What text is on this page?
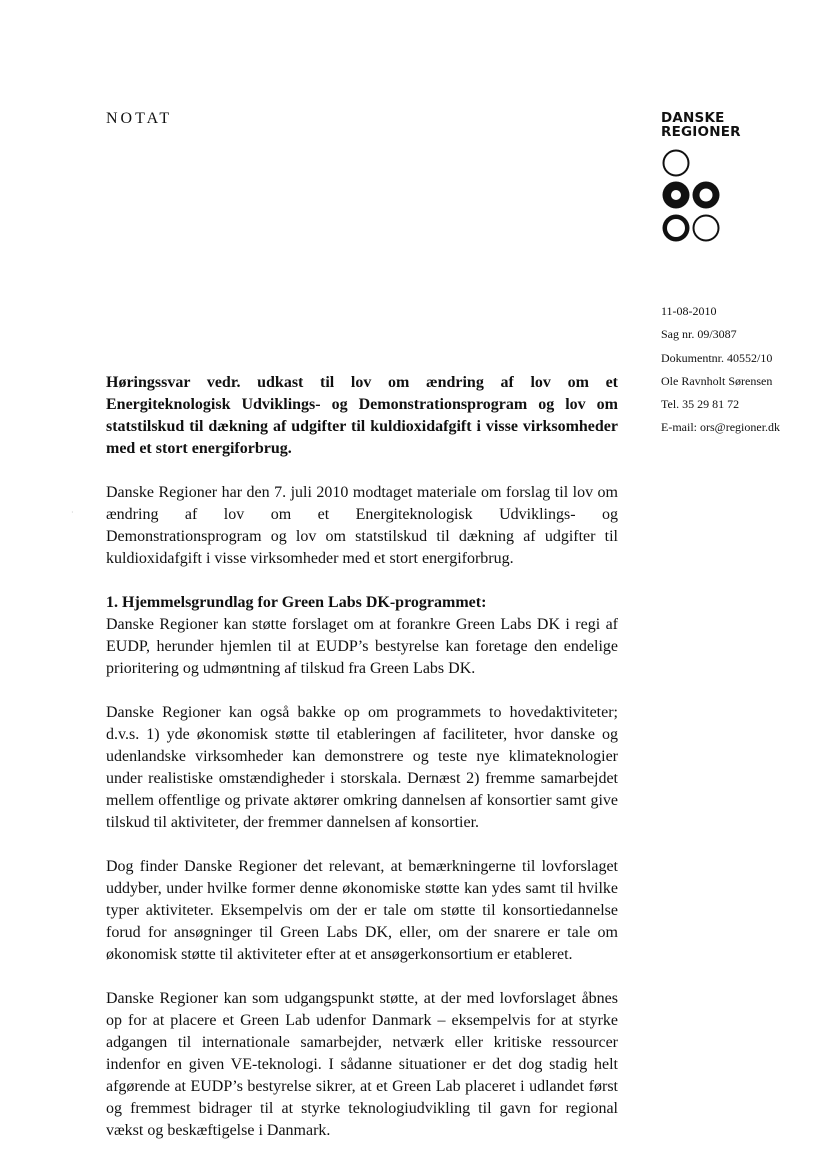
NOTAT	DANSKE
REGIONER
11-08-2010
Sag nr. 09/3087
Dokumentnr. 40552/10
Ole Ravnholt Sørensen
Tel. 35 29 81 72
E-mail: ors@regioner.dk
·

Høringssvar vedr. udkast til lov om ændring af lov om et Energiteknologisk Udviklings- og Demonstrationsprogram og lov om statstilskud til dækning af udgifter til kuldioxidafgift i visse virksomheder med et stort energiforbrug.

Danske Regioner har den 7. juli 2010 modtaget materiale om forslag til lov om ændring af lov om et Energiteknologisk Udviklings- og Demonstrationsprogram og lov om statstilskud til dækning af udgifter til kuldioxidafgift i visse virksomheder med et stort energiforbrug.

1. Hjemmelsgrundlag for Green Labs DK-programmet:

Danske Regioner kan støtte forslaget om at forankre Green Labs DK i regi af EUDP, herunder hjemlen til at EUDP’s bestyrelse kan foretage den endelige prioritering og udmøntning af tilskud fra Green Labs DK.

Danske Regioner kan også bakke op om programmets to hovedaktiviteter; d.v.s. 1) yde økonomisk støtte til etableringen af faciliteter, hvor danske og udenlandske virksomheder kan demonstrere og teste nye klimateknologier under realistiske omstændigheder i storskala. Dernæst 2) fremme samarbejdet mellem offentlige og private aktører omkring dannelsen af konsortier samt give tilskud til aktiviteter, der fremmer dannelsen af konsortier.

Dog finder Danske Regioner det relevant, at bemærkningerne til lovforslaget uddyber, under hvilke former denne økonomiske støtte kan ydes samt til hvilke typer aktiviteter. Eksempelvis om der er tale om støtte til konsortiedannelse forud for ansøgninger til Green Labs DK, eller, om der snarere er tale om økonomisk støtte til aktiviteter efter at et ansøgerkonsortium er etableret.

Danske Regioner kan som udgangspunkt støtte, at der med lovforslaget åbnes op for at placere et Green Lab udenfor Danmark – eksempelvis for at styrke adgangen til internationale samarbejder, netværk eller kritiske ressourcer indenfor en given VE-teknologi. I sådanne situationer er det dog stadig helt afgørende at EUDP’s bestyrelse sikrer, at et Green Lab placeret i udlandet først og fremmest bidrager til at styrke teknologiudvikling til gavn for regional vækst og beskæftigelse i Danmark.
